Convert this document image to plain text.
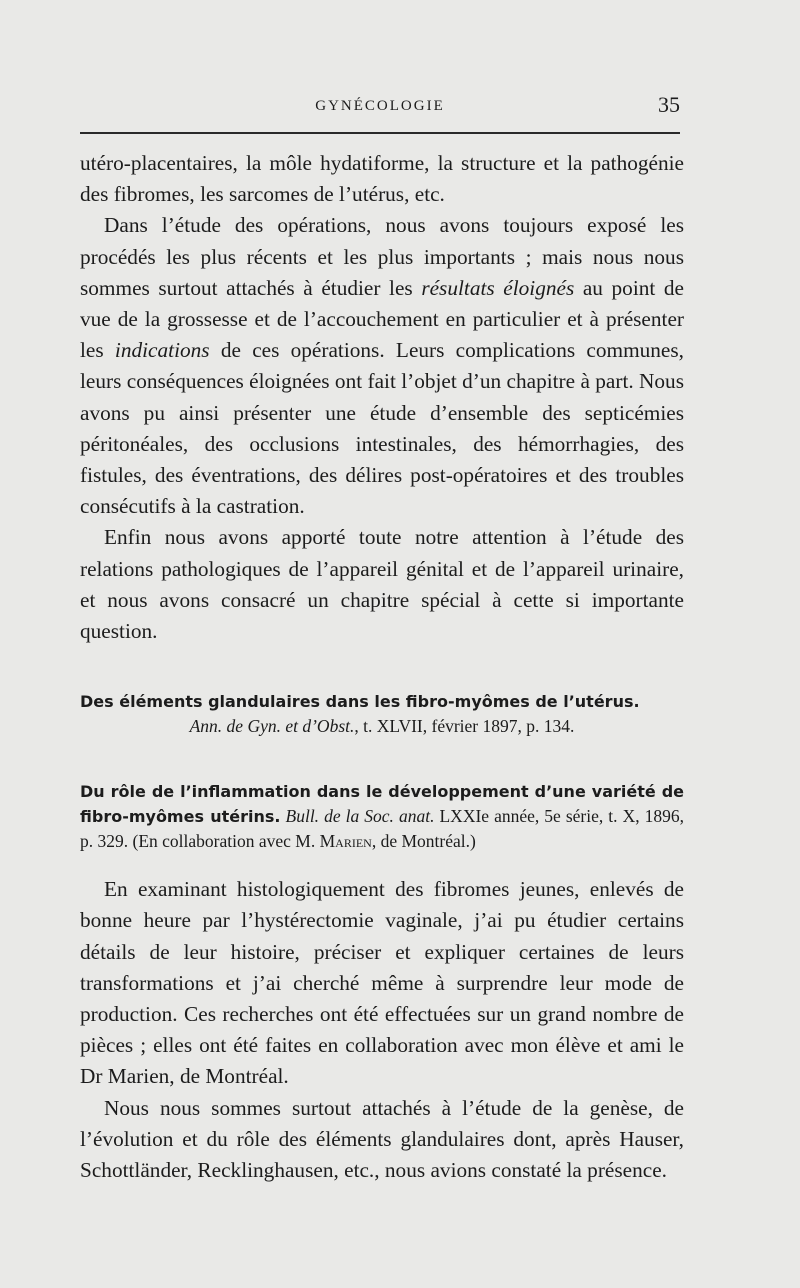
GYNÉCOLOGIE	35

utéro-placentaires, la môle hydatiforme, la structure et la pathogénie des fibromes, les sarcomes de l’utérus, etc.

Dans l’étude des opérations, nous avons toujours exposé les procédés les plus récents et les plus importants ; mais nous nous sommes surtout attachés à étudier les résultats éloignés au point de vue de la grossesse et de l’accouchement en particulier et à présenter les indications de ces opérations. Leurs complications communes, leurs conséquences éloignées ont fait l’objet d’un chapitre à part. Nous avons pu ainsi présenter une étude d’ensemble des septicémies péritonéales, des occlusions intestinales, des hémorrhagies, des fistules, des éventrations, des délires post-opératoires et des troubles consécutifs à la castration.

Enfin nous avons apporté toute notre attention à l’étude des relations pathologiques de l’appareil génital et de l’appareil urinaire, et nous avons consacré un chapitre spécial à cette si importante question.

Des éléments glandulaires dans les fibro-myômes de l’utérus.
Ann. de Gyn. et d’Obst., t. XLVII, février 1897, p. 134.

Du rôle de l’inflammation dans le développement d’une variété de fibro-myômes utérins. Bull. de la Soc. anat. LXXIe année, 5e série, t. X, 1896, p. 329. (En collaboration avec M. Marien, de Montréal.)

En examinant histologiquement des fibromes jeunes, enlevés de bonne heure par l’hystérectomie vaginale, j’ai pu étudier certains détails de leur histoire, préciser et expliquer certaines de leurs transformations et j’ai cherché même à surprendre leur mode de production. Ces recherches ont été effectuées sur un grand nombre de pièces ; elles ont été faites en collaboration avec mon élève et ami le Dr Marien, de Montréal.

Nous nous sommes surtout attachés à l’étude de la genèse, de l’évolution et du rôle des éléments glandulaires dont, après Hauser, Schottländer, Recklinghausen, etc., nous avions constaté la présence.
